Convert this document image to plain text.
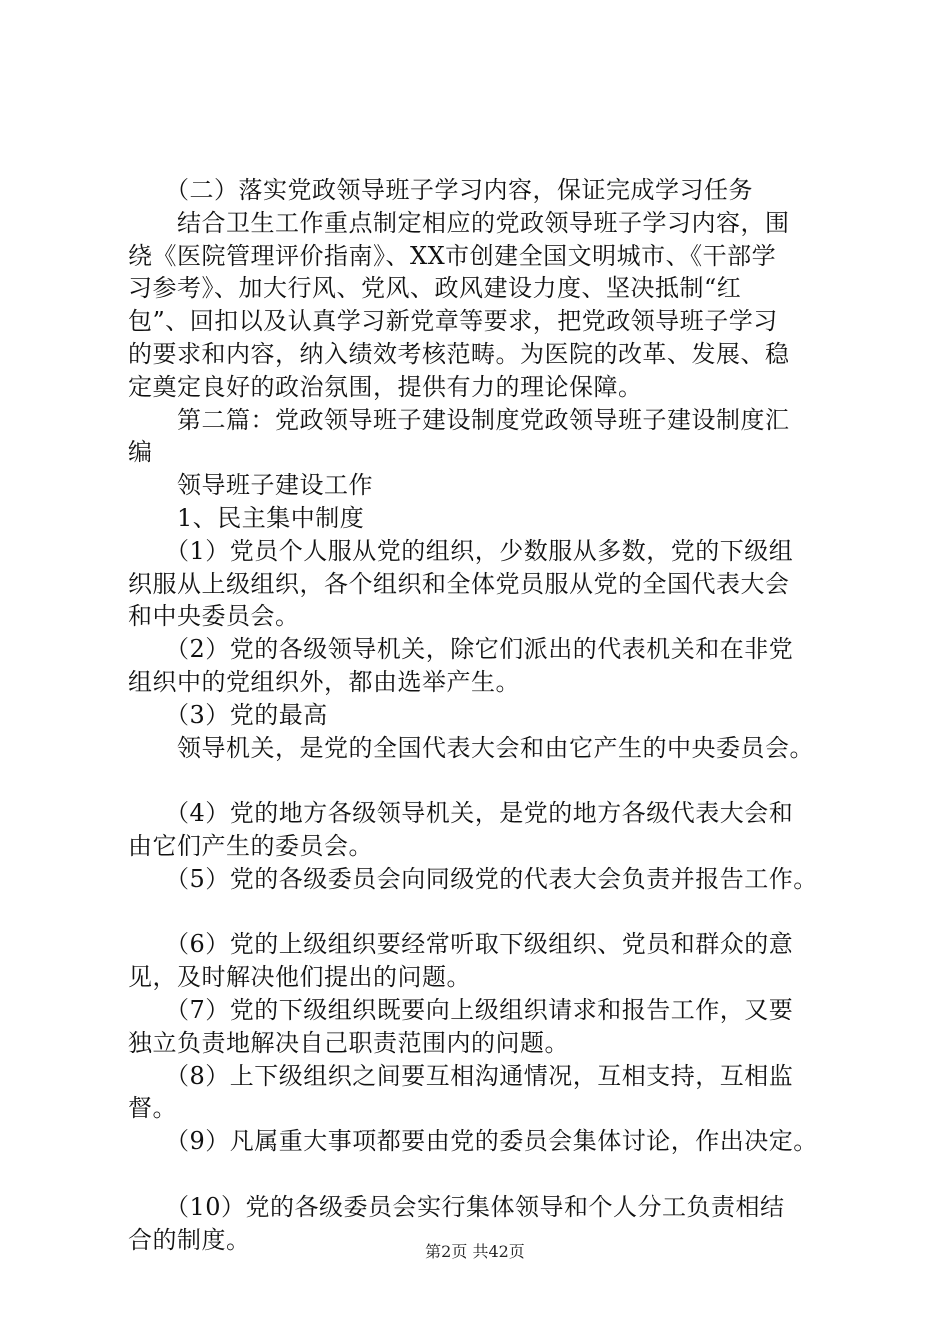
　　（二）落实党政领导班子学习内容，保证完成学习任务
　　结合卫生工作重点制定相应的党政领导班子学习内容，围
绕《医院管理评价指南》、XX市创建全国文明城市、《干部学
习参考》、加大行风、党风、政风建设力度、坚决抵制“红
包”、回扣以及认真学习新党章等要求，把党政领导班子学习
的要求和内容，纳入绩效考核范畴。为医院的改革、发展、稳
定奠定良好的政治氛围，提供有力的理论保障。
　　第二篇：党政领导班子建设制度党政领导班子建设制度汇
编
　　领导班子建设工作
　　1、民主集中制度
　　（1）党员个人服从党的组织，少数服从多数，党的下级组
织服从上级组织，各个组织和全体党员服从党的全国代表大会
和中央委员会。
　　（2）党的各级领导机关，除它们派出的代表机关和在非党
组织中的党组织外，都由选举产生。
　　（3）党的最高
　　领导机关，是党的全国代表大会和由它产生的中央委员会。
　　（4）党的地方各级领导机关，是党的地方各级代表大会和
由它们产生的委员会。
　　（5）党的各级委员会向同级党的代表大会负责并报告工作。
　　（6）党的上级组织要经常听取下级组织、党员和群众的意
见，及时解决他们提出的问题。
　　（7）党的下级组织既要向上级组织请求和报告工作，又要
独立负责地解决自己职责范围内的问题。
　　（8）上下级组织之间要互相沟通情况，互相支持，互相监
督。
　　（9）凡属重大事项都要由党的委员会集体讨论，作出决定。
　　（10）党的各级委员会实行集体领导和个人分工负责相结
合的制度。	第2页 共42页
